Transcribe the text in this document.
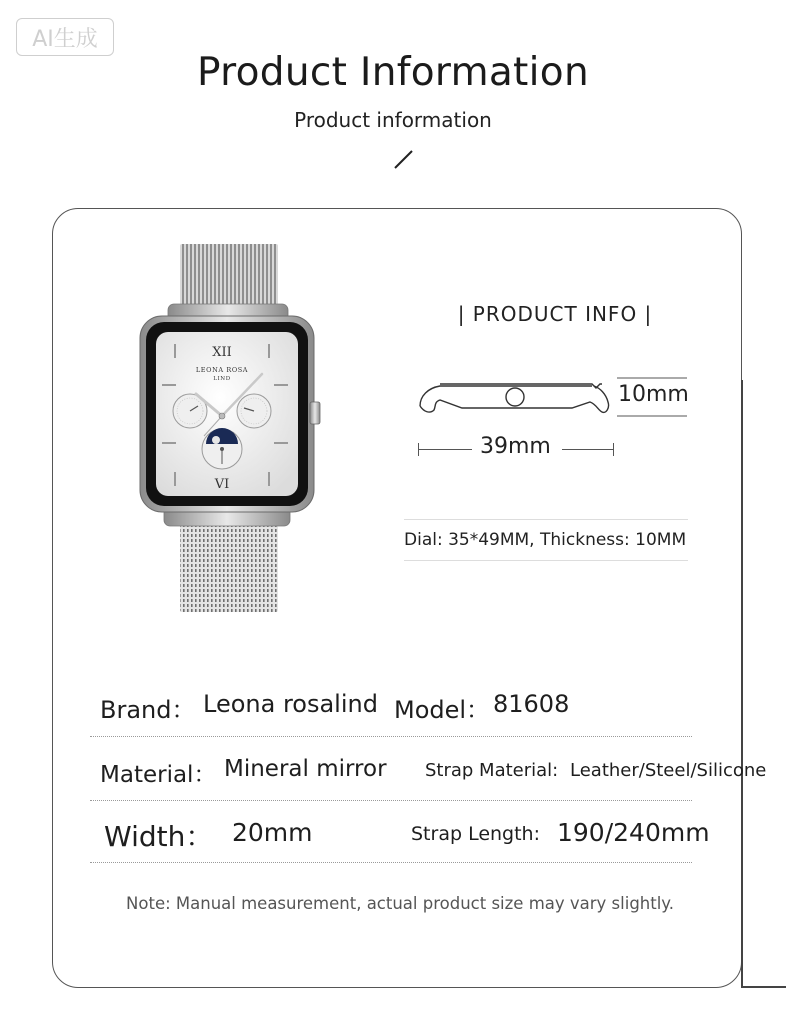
AI生成
Product Information
Product information
XII
VI
LEONA ROSA
LIND
| PRODUCT INFO |
10mm
39mm
Dial: 35*49MM, Thickness: 10MM
Brand： Leona rosalind Model： 81608
Material： Mineral mirror Strap Material: Leather/Steel/Silicone
Width： 20mm	Strap Length: 190/240mm
Note: Manual measurement, actual product size may vary slightly.
